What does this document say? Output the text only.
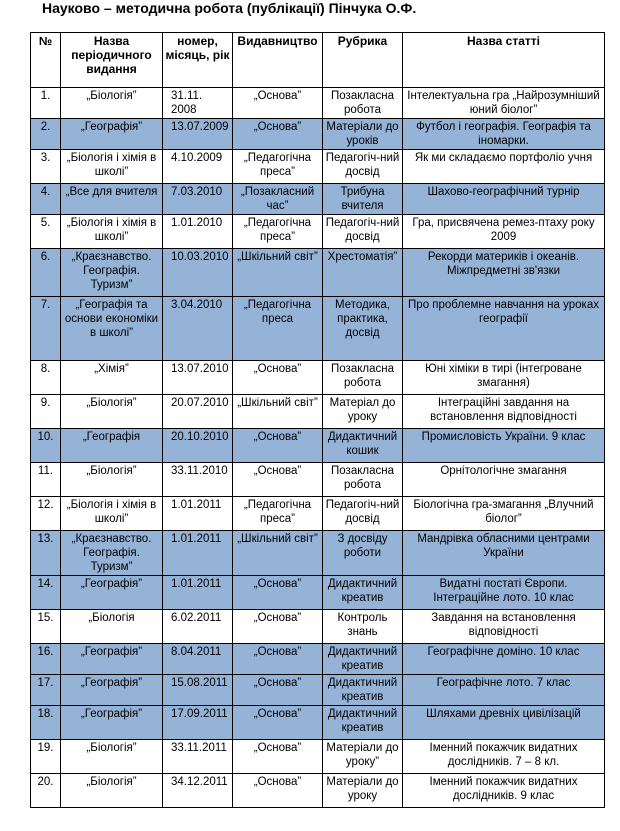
Науково – методична робота (публікації) Пінчука О.Ф.
№	Назва періодичного видання	номер, місяць, рік	Видавництво	Рубрика	Назва статті
1.	„Біологія”	31.11. 2008	„Основа”	Позакласна робота	Інтелектуальна гра „Найрозумніший юний біолог”
2.	„Географія”	13.07.2009	„Основа”	Матеріали до уроків	Футбол і географія. Географія та іномарки.
3.	„Біологія і хімія в школі”	4.10.2009	„Педагогічна преса”	Педагогіч-ний досвід	Як ми складаємо портфоліо учня
4.	„Все для вчителя	7.03.2010	„Позакласний час”	Трибуна вчителя	Шахово-географічний турнір
5.	„Біологія і хімія в школі”	1.01.2010	„Педагогічна преса”	Педагогіч-ний досвід	Гра, присвячена ремез-птаху року 2009
6.	„Краєзнавство. Географія. Туризм”	10.03.2010	„Шкільний світ”	Хрестоматія”	Рекорди материків і океанів. Міжпредметні зв'язки
7.	„Географія та основи економіки в школі”	3.04.2010	„Педагогічна преса	Методика, практика, досвід	Про проблемне навчання на уроках географії
8.	„Хімія”	13.07.2010	„Основа”	Позакласна робота	Юні хіміки в тирі (інтегроване змагання)
9.	„Біологія”	20.07.2010	„Шкільний світ”	Матеріал до уроку	Інтеграційні завдання на встановлення відповідності
10.	„Географія	20.10.2010	„Основа”	Дидактичний кошик	Промисловість України. 9 клас
11.	„Біологія”	33.11.2010	„Основа”	Позакласна робота	Орнітологічне змагання
12.	„Біологія і хімія в школі”	1.01.2011	„Педагогічна преса”	Педагогіч-ний досвід	Біологічна гра-змагання „Влучний біолог”
13.	„Краєзнавство. Географія. Туризм”	1.01.2011	„Шкільний світ”	З досвіду роботи	Мандрівка обласними центрами України
14.	„Географія”	1.01.2011	„Основа”	Дидактичний креатив	Видатні постаті Європи. Інтеграційне лото. 10 клас
15.	„Біологія	6.02.2011	„Основа”	Контроль знань	Завдання на встановлення відповідності
16.	„Географія”	8.04.2011	„Основа”	Дидактичний креатив	Географічне доміно. 10 клас
17.	„Географія”	15.08.2011	„Основа”	Дидактичний креатив	Географічне лото. 7 клас
18.	„Географія”	17.09.2011	„Основа”	Дидактичний креатив	Шляхами древніх цивілізацій
19.	„Біологія”	33.11.2011	„Основа”	Матеріали до уроку”	Іменний покажчик видатних дослідників. 7 – 8 кл.
20.	„Біологія”	34.12.2011	„Основа”	Матеріали до уроку	Іменний покажчик видатних дослідників. 9 клас
